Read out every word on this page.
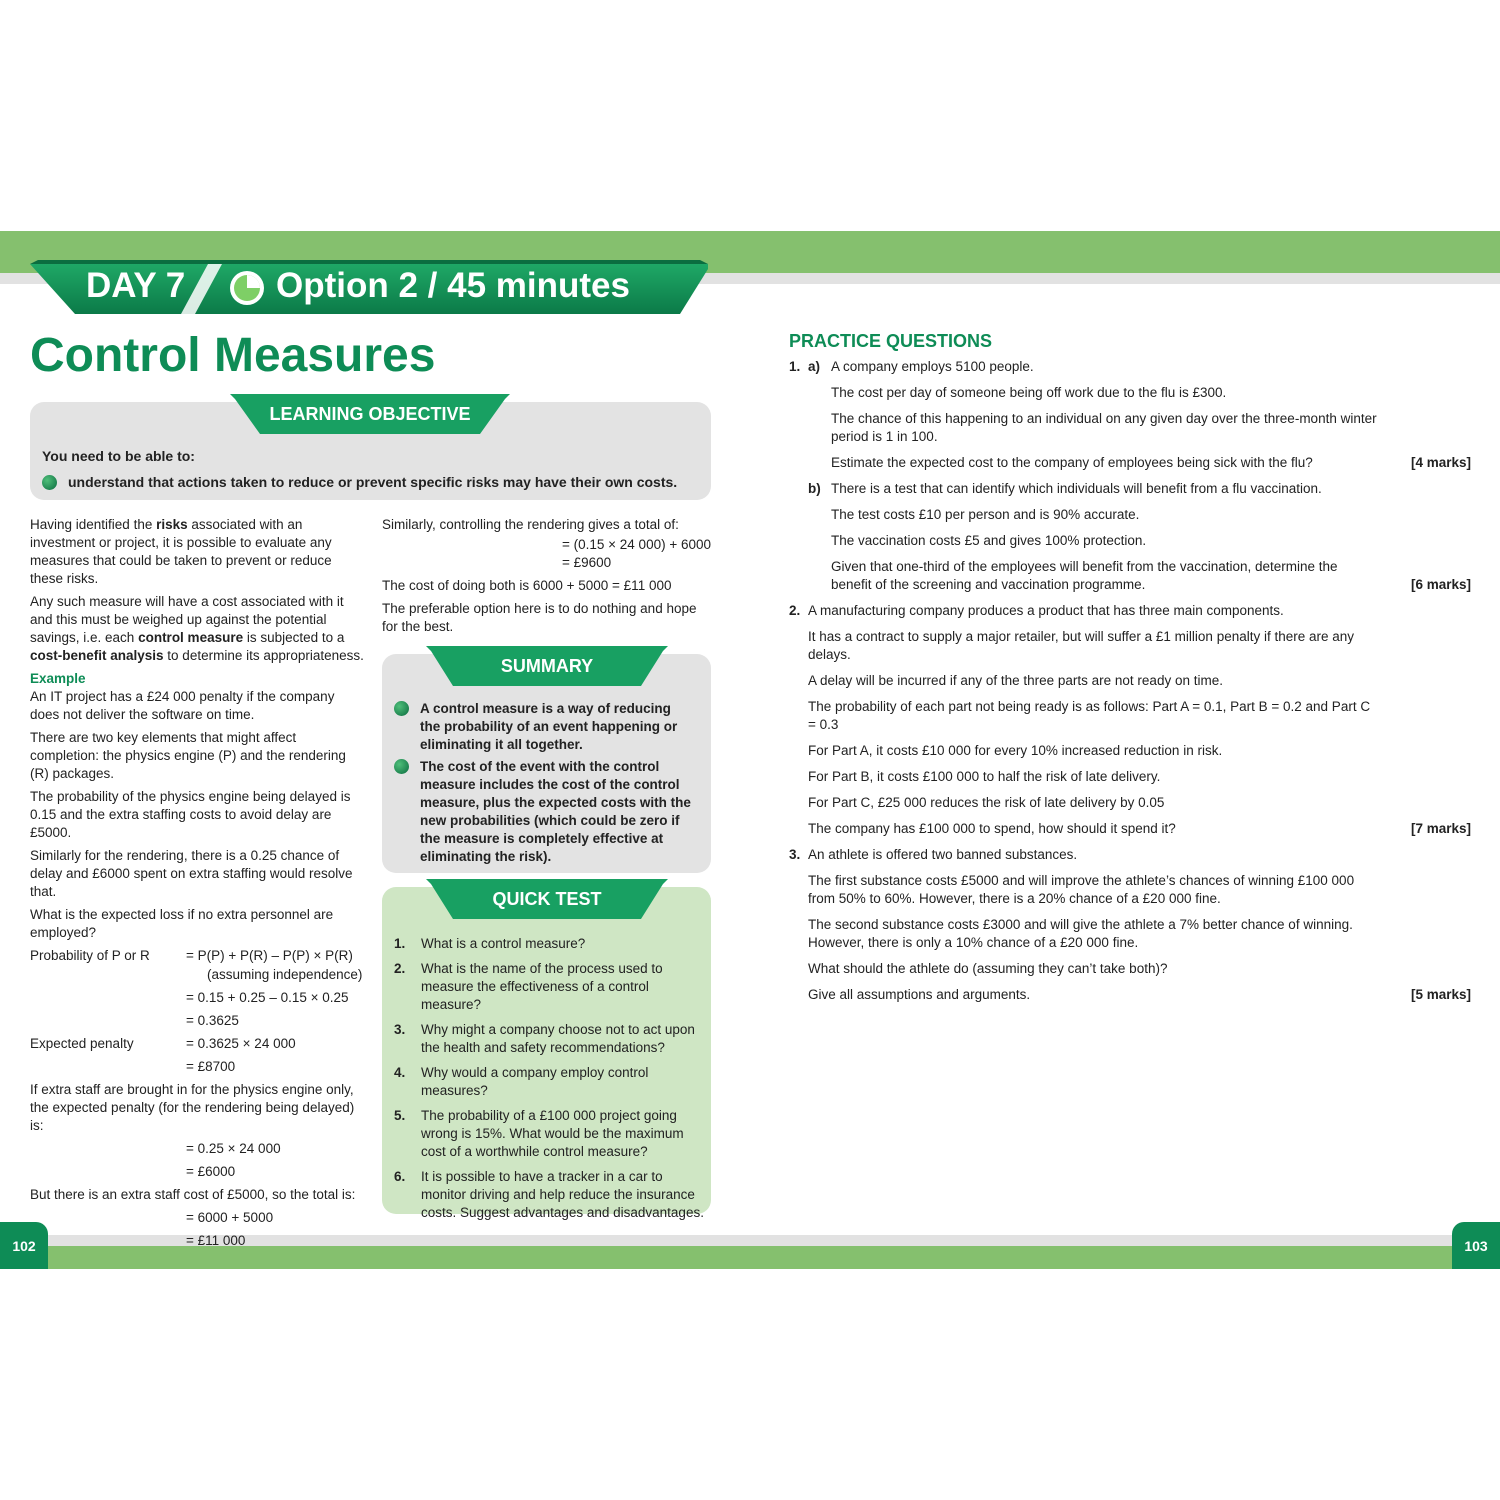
102	103
DAY 7	Option 2 / 45 minutes
Control Measures
LEARNING OBJECTIVE
You need to be able to:
understand that actions taken to reduce or prevent specific risks may have their own costs.

Having identified the risks associated with an investment or project, it is possible to evaluate any measures that could be taken to prevent or reduce these risks.

Any such measure will have a cost associated with it and this must be weighed up against the potential savings, i.e. each control measure is subjected to a cost-benefit analysis to determine its appropriateness.

Example

An IT project has a £24 000 penalty if the company does not deliver the software on time.

There are two key elements that might affect completion: the physics engine (P) and the rendering (R) packages.

The probability of the physics engine being delayed is 0.15 and the extra staffing costs to avoid delay are £5000.

Similarly for the rendering, there is a 0.25 chance of delay and £6000 spent on extra staffing would resolve that.

What is the expected loss if no extra personnel are employed?

Probability of P or R	= P(P) + P(R) – P(P) × P(R)
(assuming independence)
= 0.15 + 0.25 – 0.15 × 0.25
= 0.3625
Expected penalty	= 0.3625 × 24 000
= £8700

If extra staff are brought in for the physics engine only, the expected penalty (for the rendering being delayed) is:

= 0.25 × 24 000
= £6000

But there is an extra staff cost of £5000, so the total is:

= 6000 + 5000
= £11 000

Similarly, controlling the rendering gives a total of:

= (0.15 × 24 000) + 6000
= £9600

The cost of doing both is 6000 + 5000 = £11 000

The preferable option here is to do nothing and hope for the best.

SUMMARY
A control measure is a way of reducing the probability of an event happening or eliminating it all together.
The cost of the event with the control measure includes the cost of the control measure, plus the expected costs with the new probabilities (which could be zero if the measure is completely effective at eliminating the risk).
QUICK TEST
1.	What is a control measure?
2.	What is the name of the process used to measure the effectiveness of a control measure?
3.	Why might a company choose not to act upon the health and safety recommendations?
4.	Why would a company employ control measures?
5.	The probability of a £100 000 project going wrong is 15%. What would be the maximum cost of a worthwhile control measure?
6.	It is possible to have a tracker in a car to monitor driving and help reduce the insurance costs. Suggest advantages and disadvantages.
PRACTICE QUESTIONS
1. a) A company employs 5100 people.
The cost per day of someone being off work due to the flu is £300.
The chance of this happening to an individual on any given day over the three-month winter period is 1 in 100.
Estimate the expected cost to the company of employees being sick with the flu?	[4 marks]
b) There is a test that can identify which individuals will benefit from a flu vaccination.
The test costs £10 per person and is 90% accurate.
The vaccination costs £5 and gives 100% protection.
Given that one-third of the employees will benefit from the vaccination, determine the benefit of the screening and vaccination programme.	[6 marks]
2. A manufacturing company produces a product that has three main components.
It has a contract to supply a major retailer, but will suffer a £1 million penalty if there are any delays.
A delay will be incurred if any of the three parts are not ready on time.
The probability of each part not being ready is as follows: Part A = 0.1, Part B = 0.2 and Part C = 0.3
For Part A, it costs £10 000 for every 10% increased reduction in risk.
For Part B, it costs £100 000 to half the risk of late delivery.
For Part C, £25 000 reduces the risk of late delivery by 0.05
The company has £100 000 to spend, how should it spend it?	[7 marks]
3. An athlete is offered two banned substances.
The first substance costs £5000 and will improve the athlete’s chances of winning £100 000 from 50% to 60%. However, there is a 20% chance of a £20 000 fine.
The second substance costs £3000 and will give the athlete a 7% better chance of winning. However, there is only a 10% chance of a £20 000 fine.
What should the athlete do (assuming they can’t take both)?
Give all assumptions and arguments.	[5 marks]
